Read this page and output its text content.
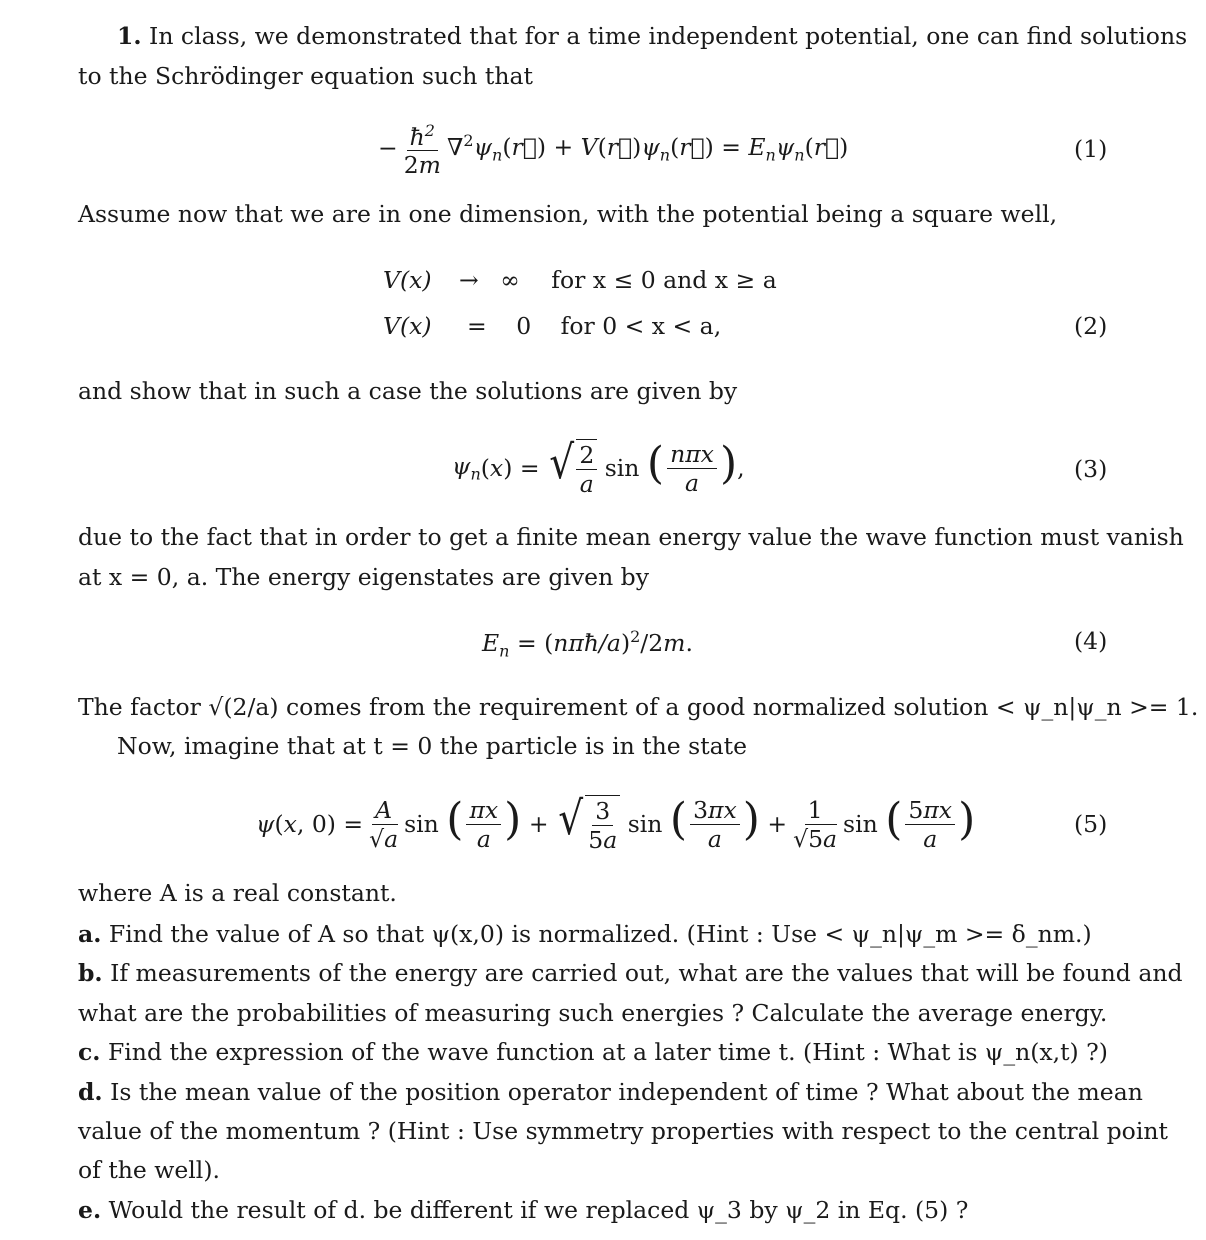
1. In class, we demonstrated that for a time independent potential, one can find solutions
to the Schrödinger equation such that
− $\frac{ħ^2}{2m}$ $\nabla^2\psi_n(r⃗)$ + $V(r⃗)\psi_n(r⃗)$ = $E_n\psi_n(r⃗)$	(1)
Assume now that we are in one dimension, with the potential being a square well,
V(x) → ∞ for x ≤ 0 and x ≥ a
V(x) = 0 for 0 < x < a,	(2)
and show that in such a case the solutions are given by
$\psi_n$ (x) = √ $\frac{2}{a}$ sin ( $\frac{\text{nπx}}{a}$ ) ,	(3)
due to the fact that in order to get a finite mean energy value the wave function must vanish
at x = 0, a. The energy eigenstates are given by
$E_n$ = (nπħ/a)$^2$/2m.	(4)
The factor √(2/a) comes from the requirement of a good normalized solution < ψ_n|ψ_n >= 1.
Now, imagine that at t = 0 the particle is in the state
ψ (x, $0) = \frac{A}{√a}$ sin ( $\frac{\pi x}{a}$ ) + √ $\frac{3}{5a}$ sin ( $\frac{3\pi x}{a}$ ) + $\frac{1}{√5a}$ sin ( $\frac{5\pi x}{a}$ )	(5)
where A is a real constant.
a. Find the value of A so that ψ(x,0) is normalized. (Hint : Use < ψ_n|ψ_m >= δ_nm.)
b. If measurements of the energy are carried out, what are the values that will be found and
what are the probabilities of measuring such energies ? Calculate the average energy.
c. Find the expression of the wave function at a later time t. (Hint : What is ψ_n(x,t) ?)
d. Is the mean value of the position operator independent of time ? What about the mean
value of the momentum ? (Hint : Use symmetry properties with respect to the central point
of the well).
e. Would the result of d. be different if we replaced ψ_3 by ψ_2 in Eq. (5) ?
